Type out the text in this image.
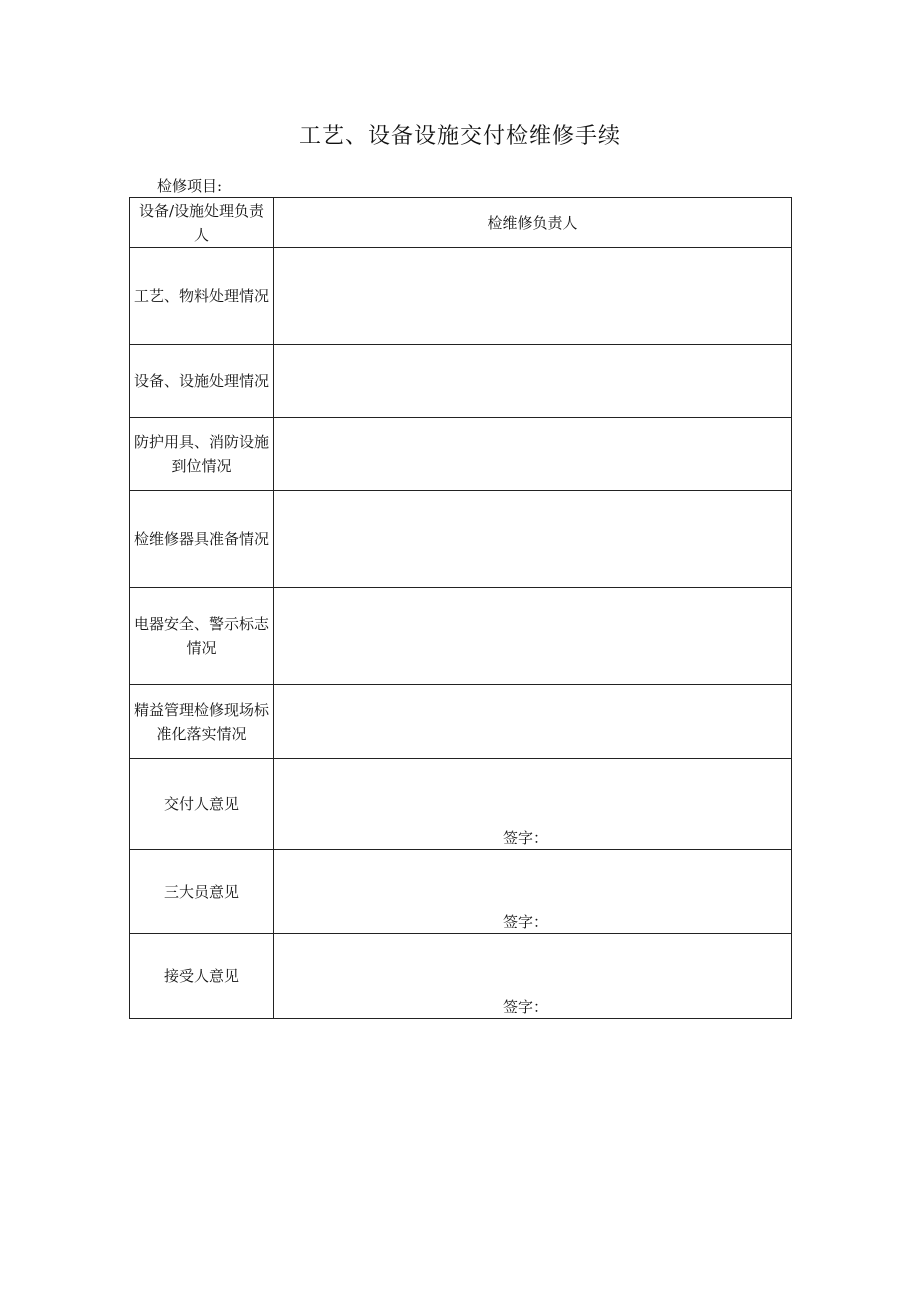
工艺、设备设施交付检维修手续
检修项目:
设备/设施处理负责人	检维修负责人
工艺、物料处理情况	
设备、设施处理情况	
防护用具、消防设施到位情况	
检维修器具准备情况	
电器安全、警示标志情况	
精益管理检修现场标准化落实情况	
交付人意见	签字：

三大员意见	签字：

接受人意见	签字：
